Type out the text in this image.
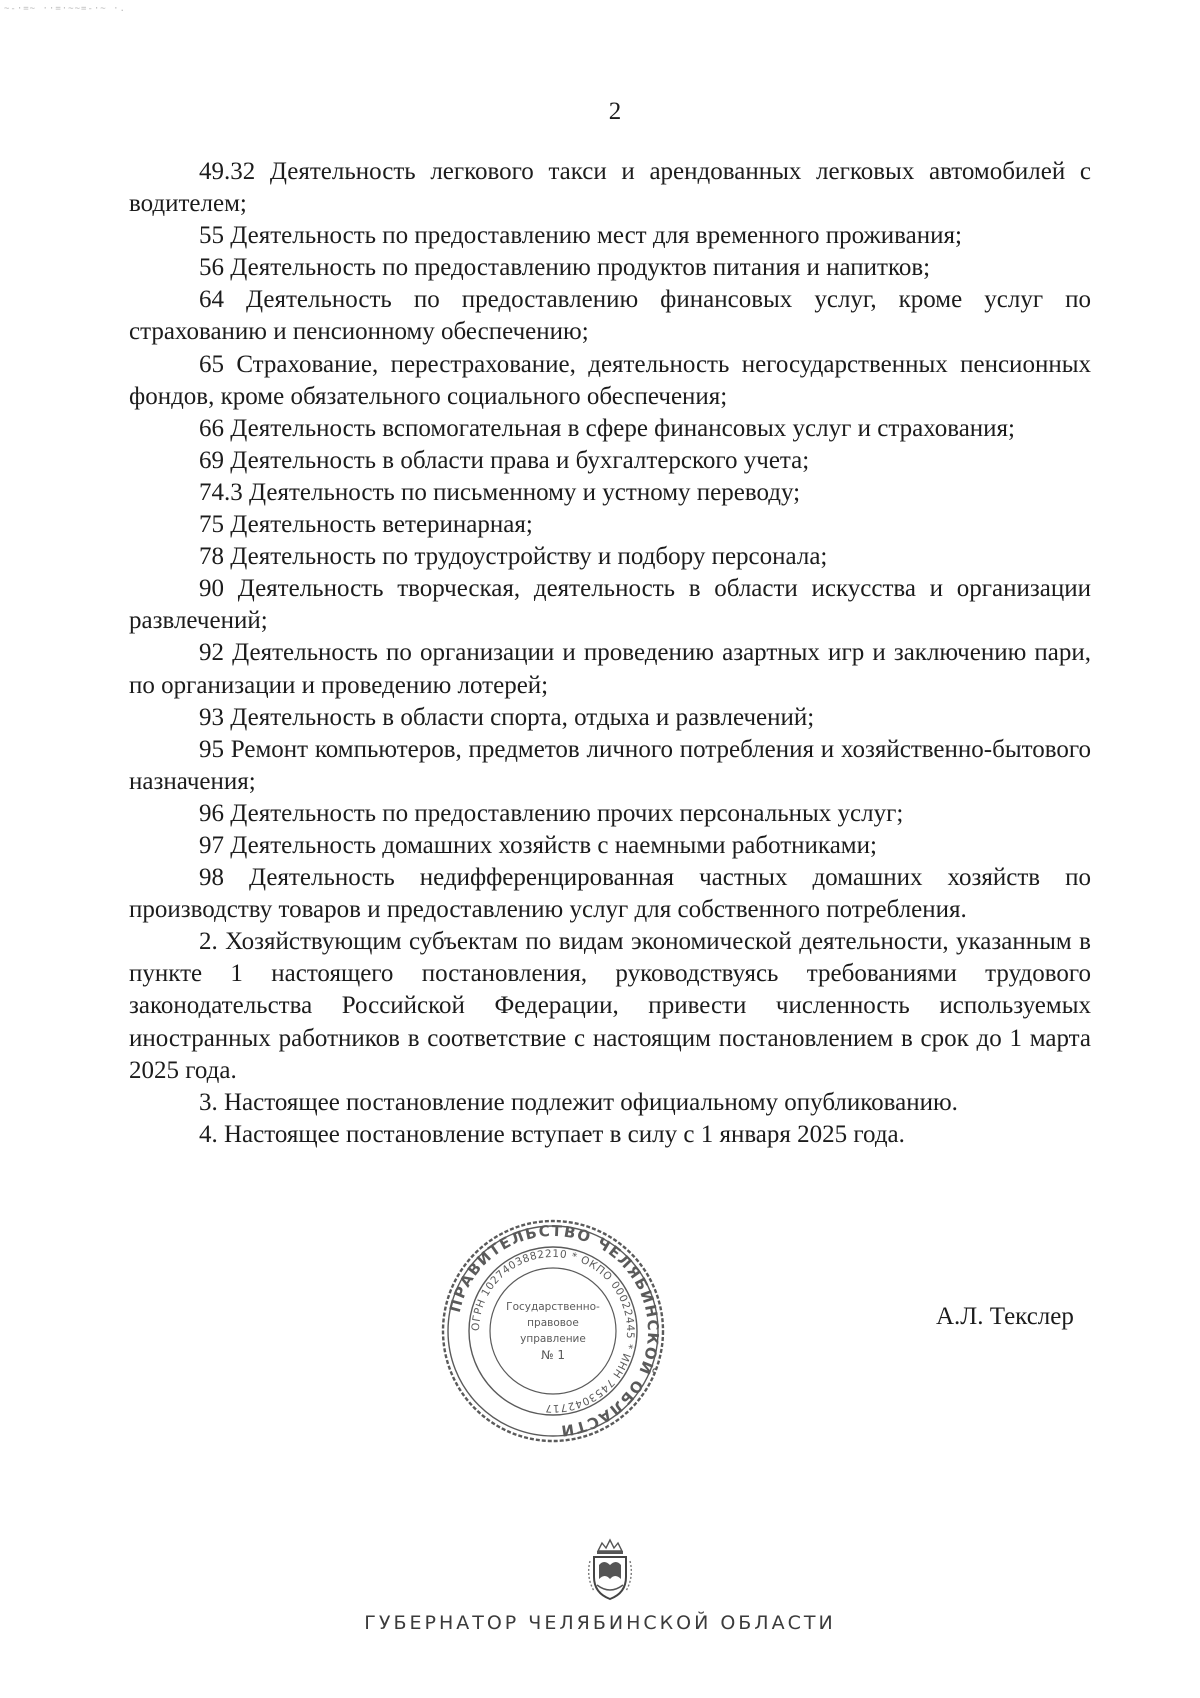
~-·=~ ··=·~~=-·~ ·.
2

49.32 Деятельность легкового такси и арендованных легковых автомобилей с водителем;

55 Деятельность по предоставлению мест для временного проживания;

56 Деятельность по предоставлению продуктов питания и напитков;

64 Деятельность по предоставлению финансовых услуг, кроме услуг по страхованию и пенсионному обеспечению;

65 Страхование, перестрахование, деятельность негосударственных пенсионных фондов, кроме обязательного социального обеспечения;

66 Деятельность вспомогательная в сфере финансовых услуг и страхования;

69 Деятельность в области права и бухгалтерского учета;

74.3 Деятельность по письменному и устному переводу;

75 Деятельность ветеринарная;

78 Деятельность по трудоустройству и подбору персонала;

90 Деятельность творческая, деятельность в области искусства и организации развлечений;

92 Деятельность по организации и проведению азартных игр и заключению пари, по организации и проведению лотерей;

93 Деятельность в области спорта, отдыха и развлечений;

95 Ремонт компьютеров, предметов личного потребления и хозяйственно-бытового назначения;

96 Деятельность по предоставлению прочих персональных услуг;

97 Деятельность домашних хозяйств с наемными работниками;

98 Деятельность недифференцированная частных домашних хозяйств по производству товаров и предоставлению услуг для собственного потребления.

2. Хозяйствующим субъектам по видам экономической деятельности, указанным в пункте 1 настоящего постановления, руководствуясь требованиями трудового законодательства Российской Федерации, привести численность используемых иностранных работников в соответствие с настоящим постановлением в срок до 1 марта 2025 года.

3. Настоящее постановление подлежит официальному опубликованию.

4. Настоящее постановление вступает в силу с 1 января 2025 года.

ПРАВИТЕЛЬСТВО ЧЕЛЯБИНСКОЙ ОБЛАСТИ
ОГРН 1027403882210 * ОКПО 00022445 * ИНН 7453042717
Государственно-
правовое
управление
№ 1
А.Л. Текслер
ГУБЕРНАТОР ЧЕЛЯБИНСКОЙ ОБЛАСТИ
